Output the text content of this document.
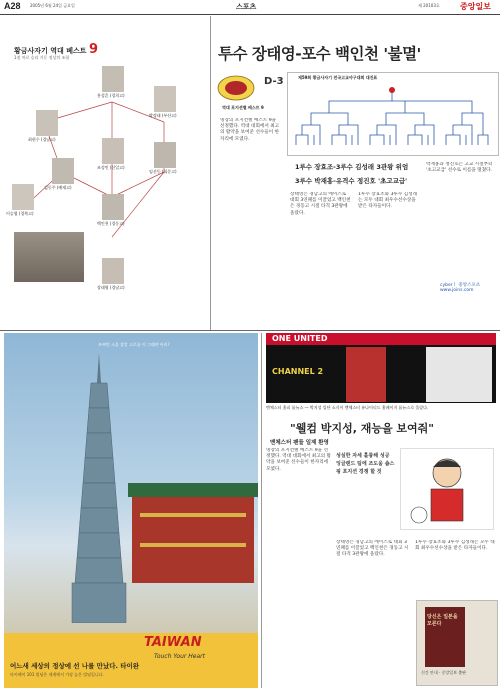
A28 2005년 6월 24일 금요일	스포츠	제 20103호	중앙일보
황금사자기 역대 베스트 9
1점 차로 승리 거둔 정상의 조합
최현수 (경남고)
홍성흔 (경희고)
박정태 (부산고)
임선동 (휘문고)
조성민 (신일고)
김동주 (배재고)
이승엽 (경북고)
백인천 (경동고)
장태영 (경남고)
투수 장태영-포수 백인천 '불멸'
D-3
역대 포지션별 베스트 9
명장의 포지션별 베스트 9을 선정했다. 역대 대회에서 최고의 활약을 보여준 선수들이 한자리에 모였다.
제59회 황금사자기 전국고교야구대회 대진표
1루수 장효조-3루수 김성래 3관왕 위엄
3루수 박재홍-유격수 정진호 '초고교급'
장태영은 경남고의 에이스로 대회 3연패를 이끌었고 백인천은 경동고 시절 타격 3관왕에 올랐다.
1루수 장효조와 3루수 김성래는 모두 대회 최우수선수상을 받은 타자들이다.
박재홍과 정진호는 고교 시절부터 '초고교급' 선수로 이름을 떨쳤다.
cyberㅣ 중앙스포츠 www.joins.com
쓰찌민 소울 휴앙 고로를 이 그래야 아리?
TAIWAN
Touch Your Heart
어느새 세상의 정상에 선 나를 만났다. 타이완
타이베이 101 빌딩은 세계에서 가장 높은 빌딩입니다.
ONE UNITED
CHANNEL 2
맨체스터 홈피 톱뉴스 — 박지성 입단 소식이 맨체스터 유나이티드 홈페이지 톱뉴스로 올랐다.
"웰컴 박지성, 재능을 보여줘"
맨체스터 팬들 일제 환영
명장의 포지션별 베스트 9을 선정했다. 역대 대회에서 최고의 활약을 보여준 선수들이 한자리에 모였다.
성실한 자세 훌륭해 성공 잉글랜드 팀에 조도움 숍스핑 포지션 경쟁 할 것
장태영은 경남고의 에이스로 대회 3연패를 이끌었고 백인천은 경동고 시절 타격 3관왕에 올랐다.
1루수 장효조와 3루수 김성래는 모두 대회 최우수선수상을 받은 타자들이다.
당신은 일본을 모른다
신간 안내 · 중앙일보 출판
